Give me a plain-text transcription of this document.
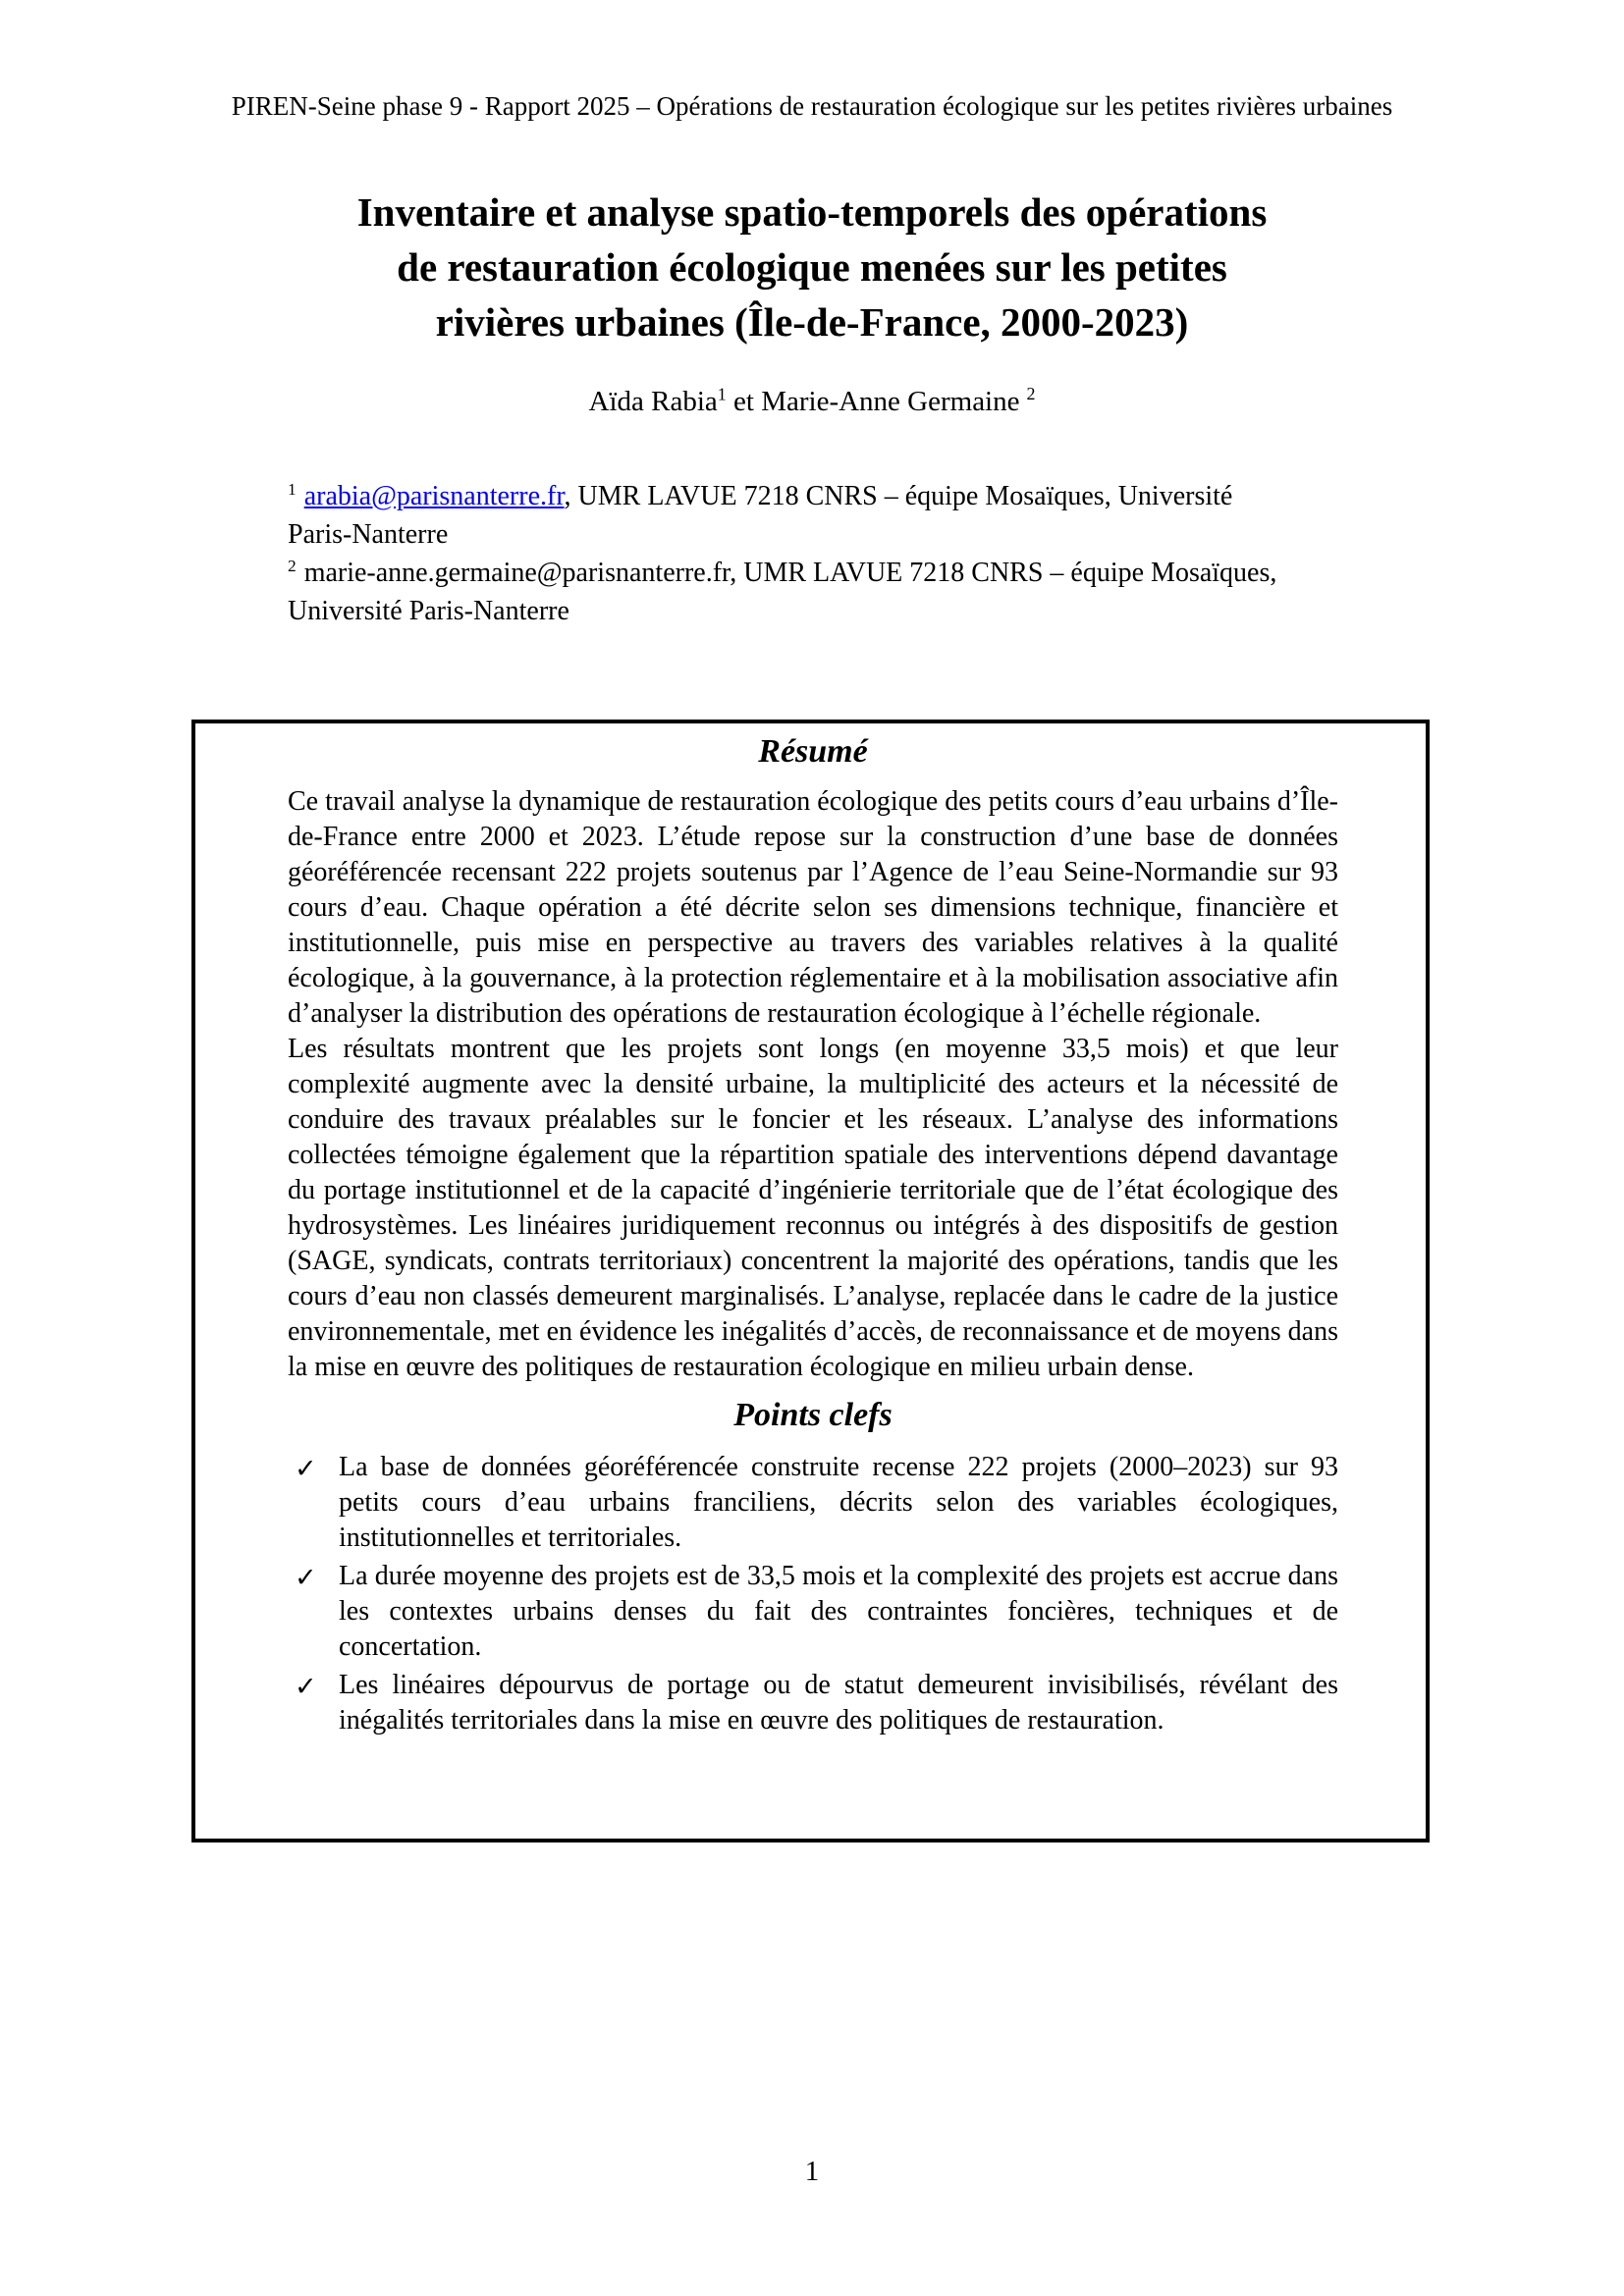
PIREN-Seine phase 9 - Rapport 2025 – Opérations de restauration écologique sur les petites rivières urbaines
Inventaire et analyse spatio-temporels des opérations
de restauration écologique menées sur les petites
rivières urbaines (Île-de-France, 2000-2023)
Aïda Rabia$^1$ et Marie-Anne Germaine $^2$

$^1$ arabia@parisnanterre.fr, UMR LAVUE 7218 CNRS – équipe Mosaïques, Université Paris-Nanterre

$^2$ marie-anne.germaine@parisnanterre.fr, UMR LAVUE 7218 CNRS – équipe Mosaïques, Université Paris-Nanterre

Résumé

Ce travail analyse la dynamique de restauration écologique des petits cours d’eau urbains d’Île-de-France entre 2000 et 2023. L’étude repose sur la construction d’une base de données géoréférencée recensant 222 projets soutenus par l’Agence de l’eau Seine-Normandie sur 93 cours d’eau. Chaque opération a été décrite selon ses dimensions technique, financière et institutionnelle, puis mise en perspective au travers des variables relatives à la qualité écologique, à la gouvernance, à la protection réglementaire et à la mobilisation associative afin d’analyser la distribution des opérations de restauration écologique à l’échelle régionale.

Les résultats montrent que les projets sont longs (en moyenne 33,5 mois) et que leur complexité augmente avec la densité urbaine, la multiplicité des acteurs et la nécessité de conduire des travaux préalables sur le foncier et les réseaux. L’analyse des informations collectées témoigne également que la répartition spatiale des interventions dépend davantage du portage institutionnel et de la capacité d’ingénierie territoriale que de l’état écologique des hydrosystèmes. Les linéaires juridiquement reconnus ou intégrés à des dispositifs de gestion (SAGE, syndicats, contrats territoriaux) concentrent la majorité des opérations, tandis que les cours d’eau non classés demeurent marginalisés. L’analyse, replacée dans le cadre de la justice environnementale, met en évidence les inégalités d’accès, de reconnaissance et de moyens dans la mise en œuvre des politiques de restauration écologique en milieu urbain dense.

Points clefs
✓ La base de données géoréférencée construite recense 222 projets (2000–2023) sur 93 petits cours d’eau urbains franciliens, décrits selon des variables écologiques, institutionnelles et territoriales.
✓ La durée moyenne des projets est de 33,5 mois et la complexité des projets est accrue dans les contextes urbains denses du fait des contraintes foncières, techniques et de concertation.
✓ Les linéaires dépourvus de portage ou de statut demeurent invisibilisés, révélant des inégalités territoriales dans la mise en œuvre des politiques de restauration.
1
